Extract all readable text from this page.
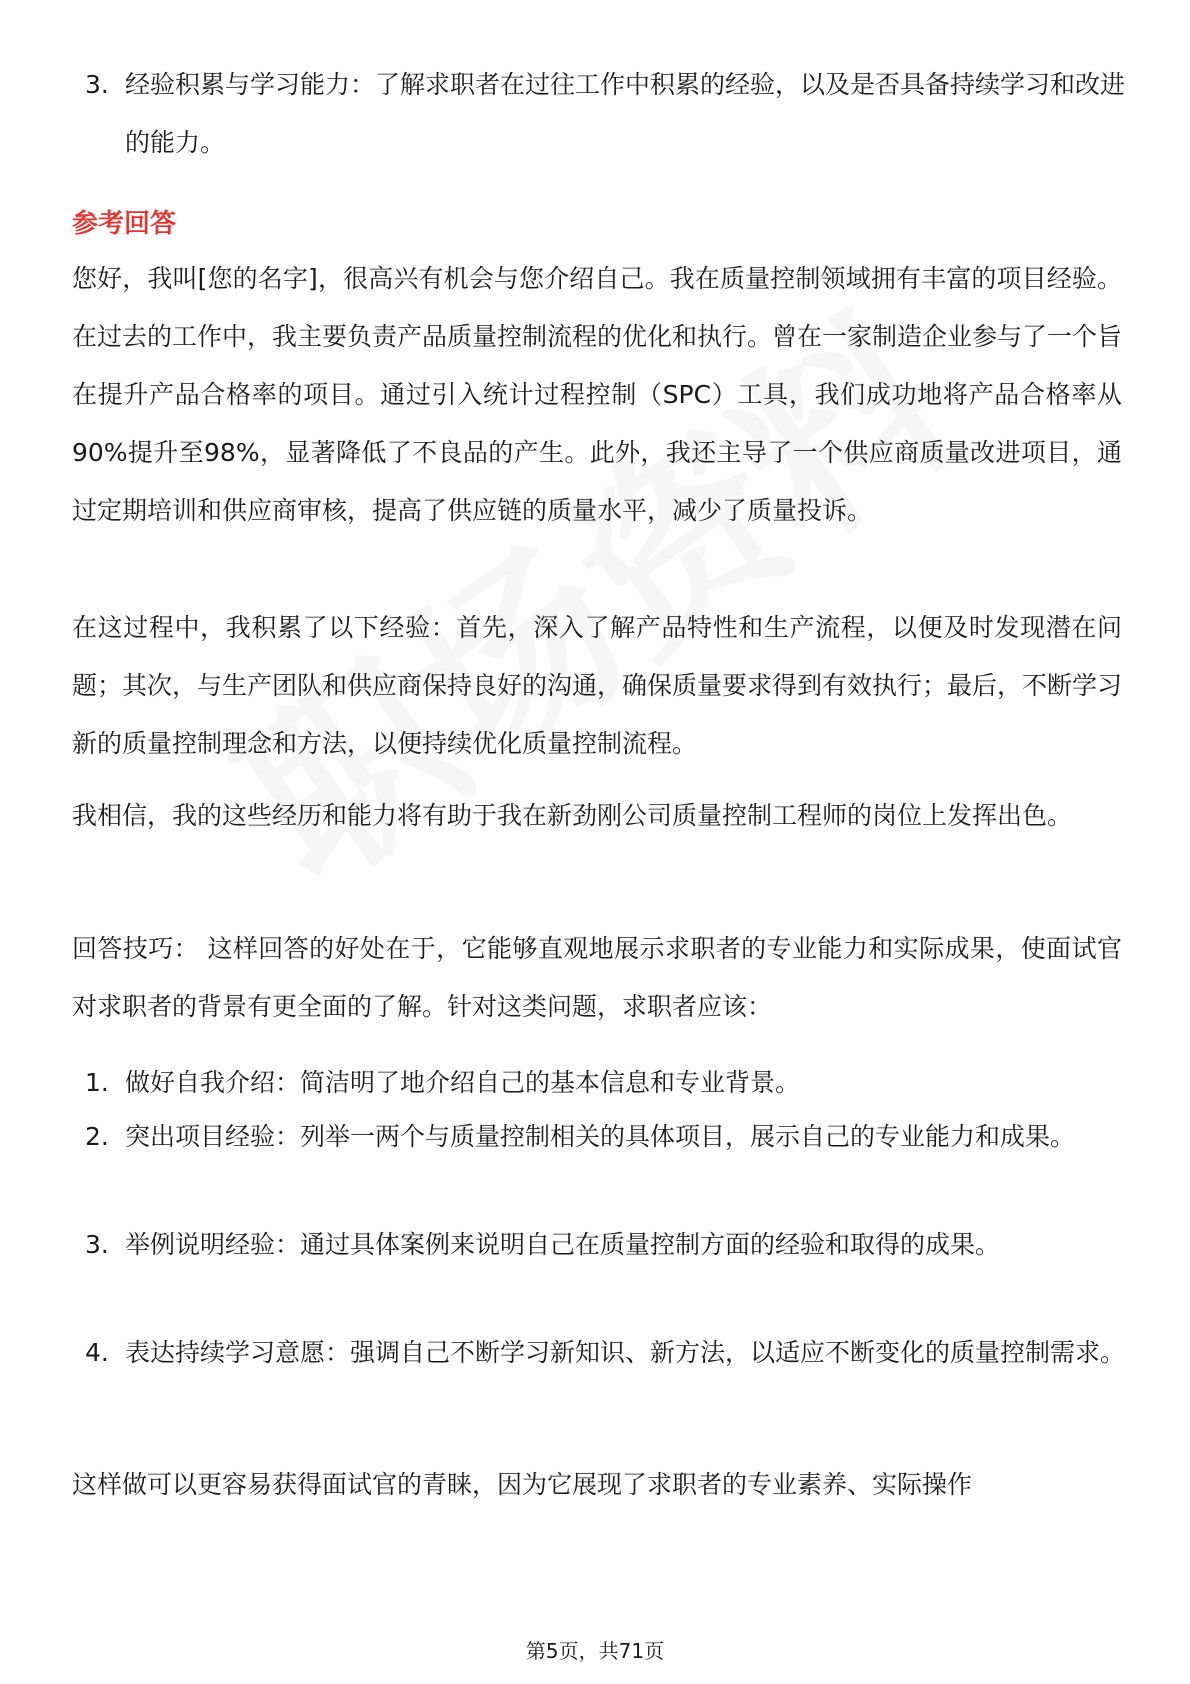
3. 经验积累与学习能力：了解求职者在过往工作中积累的经验，以及是否具备持续学习和改进的能力。
参考回答
您好，我叫[您的名字]，很高兴有机会与您介绍自己。我在质量控制领域拥有丰富的项目经验。在过去的工作中，我主要负责产品质量控制流程的优化和执行。曾在一家制造企业参与了一个旨在提升产品合格率的项目。通过引入统计过程控制（SPC）工具，我们成功地将产品合格率从90%提升至98%，显著降低了不良品的产生。此外，我还主导了一个供应商质量改进项目，通过定期培训和供应商审核，提高了供应链的质量水平，减少了质量投诉。
在这过程中，我积累了以下经验：首先，深入了解产品特性和生产流程，以便及时发现潜在问题；其次，与生产团队和供应商保持良好的沟通，确保质量要求得到有效执行；最后，不断学习新的质量控制理念和方法，以便持续优化质量控制流程。
我相信，我的这些经历和能力将有助于我在新劲刚公司质量控制工程师的岗位上发挥出色。
回答技巧： 这样回答的好处在于，它能够直观地展示求职者的专业能力和实际成果，使面试官对求职者的背景有更全面的了解。针对这类问题，求职者应该：
1. 做好自我介绍：简洁明了地介绍自己的基本信息和专业背景。
2. 突出项目经验：列举一两个与质量控制相关的具体项目，展示自己的专业能力和成果。
3. 举例说明经验：通过具体案例来说明自己在质量控制方面的经验和取得的成果。
4. 表达持续学习意愿：强调自己不断学习新知识、新方法，以适应不断变化的质量控制需求。
这样做可以更容易获得面试官的青睐，因为它展现了求职者的专业素养、实际操作
第5页，共71页
